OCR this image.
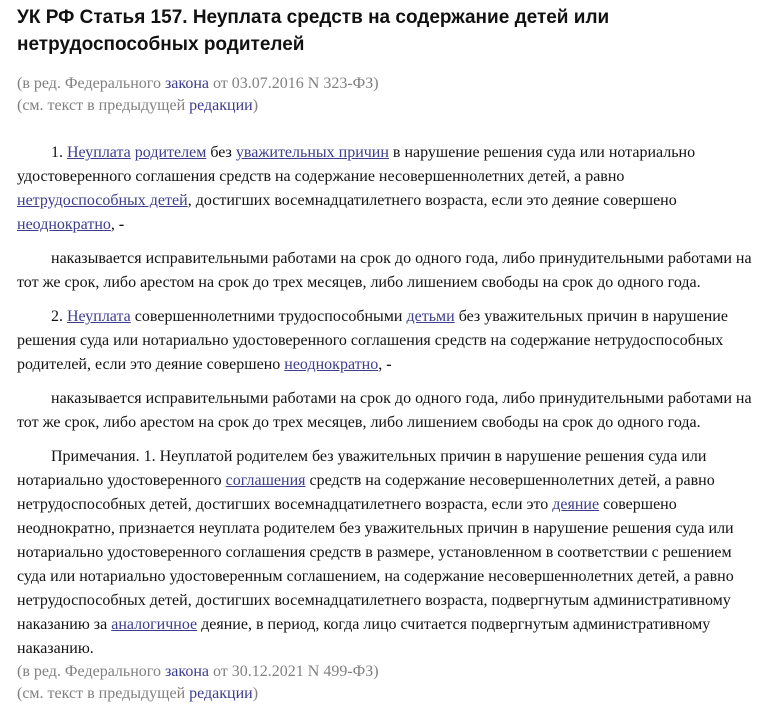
УК РФ Статья 157. Неуплата средств на содержание детей или нетрудоспособных родителей
(в ред. Федерального закона от 03.07.2016 N 323-ФЗ)
(см. текст в предыдущей редакции)

1. Неуплата родителем без уважительных причин в нарушение решения суда или нотариально удостоверенного соглашения средств на содержание несовершеннолетних детей, а равно нетрудоспособных детей, достигших восемнадцатилетнего возраста, если это деяние совершено неоднократно, -

наказывается исправительными работами на срок до одного года, либо принудительными работами на тот же срок, либо арестом на срок до трех месяцев, либо лишением свободы на срок до одного года.

2. Неуплата совершеннолетними трудоспособными детьми без уважительных причин в нарушение решения суда или нотариально удостоверенного соглашения средств на содержание нетрудоспособных родителей, если это деяние совершено неоднократно, -

наказывается исправительными работами на срок до одного года, либо принудительными работами на тот же срок, либо арестом на срок до трех месяцев, либо лишением свободы на срок до одного года.

Примечания. 1. Неуплатой родителем без уважительных причин в нарушение решения суда или нотариально удостоверенного соглашения средств на содержание несовершеннолетних детей, а равно нетрудоспособных детей, достигших восемнадцатилетнего возраста, если это деяние совершено неоднократно, признается неуплата родителем без уважительных причин в нарушение решения суда или нотариально удостоверенного соглашения средств в размере, установленном в соответствии с решением суда или нотариально удостоверенным соглашением, на содержание несовершеннолетних детей, а равно нетрудоспособных детей, достигших восемнадцатилетнего возраста, подвергнутым административному наказанию за аналогичное деяние, в период, когда лицо считается подвергнутым административному наказанию.

(в ред. Федерального закона от 30.12.2021 N 499-ФЗ)
(см. текст в предыдущей редакции)
